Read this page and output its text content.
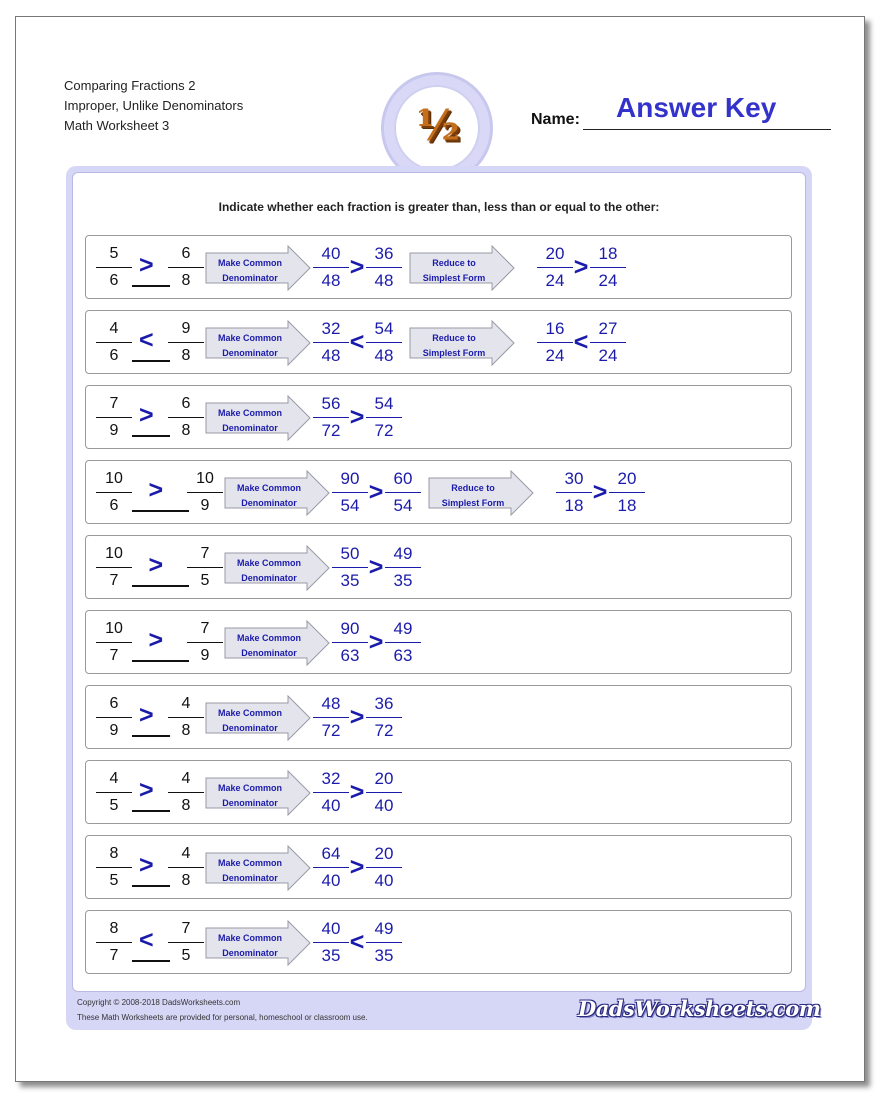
Comparing Fractions 2
Improper, Unlike Denominators
Math Worksheet 3	½	Answer Key
Name:
Indicate whether each fraction is greater than, less than or equal to the other:
$\frac{5}{6} > \frac{6}{8}$	Make Common
Denominator	$\frac{40}{48} > \frac{36}{48}$	Reduce to
Simplest Form	$\frac{20}{24} > \frac{18}{24}$
$\frac{4}{6} < \frac{9}{8}$	Make Common
Denominator	$\frac{32}{48} < \frac{54}{48}$	Reduce to
Simplest Form	$\frac{16}{24} < \frac{27}{24}$
$\frac{7}{9} > \frac{6}{8}$	Make Common
Denominator	$\frac{56}{72} > \frac{54}{72}$
$\frac{10}{6} > \frac{10}{9}$	Make Common
Denominator	$\frac{90}{54} > \frac{60}{54}$	Reduce to
Simplest Form	$\frac{30}{18} > \frac{20}{18}$
$\frac{10}{7} > \frac{7}{5}$	Make Common
Denominator	$\frac{50}{35} > \frac{49}{35}$
$\frac{10}{7} > \frac{7}{9}$	Make Common
Denominator	$\frac{90}{63} > \frac{49}{63}$
$\frac{6}{9} > \frac{4}{8}$	Make Common
Denominator	$\frac{48}{72} > \frac{36}{72}$
$\frac{4}{5} > \frac{4}{8}$	Make Common
Denominator	$\frac{32}{40} > \frac{20}{40}$
$\frac{8}{5} > \frac{4}{8}$	Make Common
Denominator	$\frac{64}{40} > \frac{20}{40}$
$\frac{8}{7} < \frac{7}{5}$	Make Common
Denominator	$\frac{40}{35} < \frac{49}{35}$
Copyright © 2008-2018 DadsWorksheets.com
These Math Worksheets are provided for personal, homeschool or classroom use.	DadsWorksheets.com
